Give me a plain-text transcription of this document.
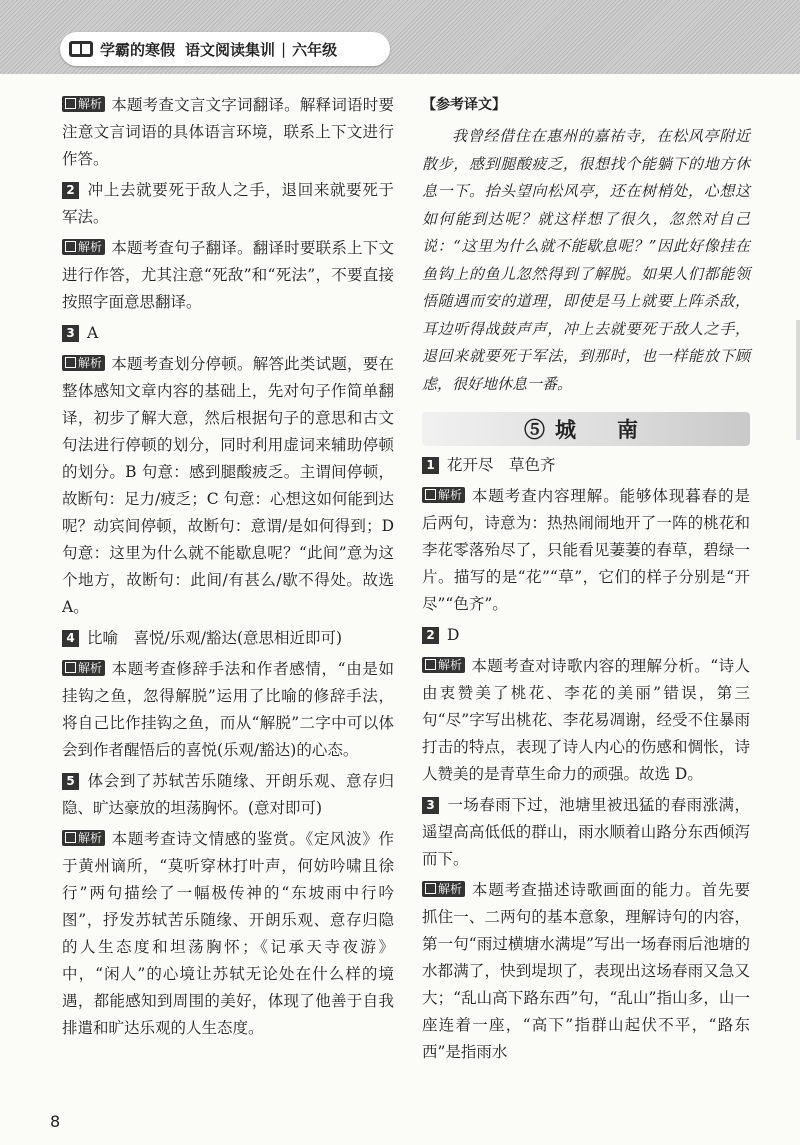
学霸的寒假 语文阅读集训 | 六年级

解析 本题考查文言文字词翻译。解释词语时要注意文言词语的具体语言环境，联系上下文进行作答。

2 冲上去就要死于敌人之手，退回来就要死于军法。

解析 本题考查句子翻译。翻译时要联系上下文进行作答，尤其注意“死敌”和“死法”，不要直接按照字面意思翻译。

3 A

解析 本题考查划分停顿。解答此类试题，要在整体感知文章内容的基础上，先对句子作简单翻译，初步了解大意，然后根据句子的意思和古文句法进行停顿的划分，同时利用虚词来辅助停顿的划分。B 句意：感到腿酸疲乏。主谓间停顿，故断句：足力/疲乏；C 句意：心想这如何能到达呢？动宾间停顿，故断句：意谓/是如何得到；D 句意：这里为什么就不能歇息呢？“此间”意为这个地方，故断句：此间/有甚么/歇不得处。故选 A。

4 比喻　喜悦/乐观/豁达(意思相近即可)

解析 本题考查修辞手法和作者感情，“由是如挂钩之鱼，忽得解脱”运用了比喻的修辞手法，将自己比作挂钩之鱼，而从“解脱”二字中可以体会到作者醒悟后的喜悦(乐观/豁达)的心态。

5 体会到了苏轼苦乐随缘、开朗乐观、意存归隐、旷达豪放的坦荡胸怀。(意对即可)

解析 本题考查诗文情感的鉴赏。《定风波》作于黄州谪所，“莫听穿林打叶声，何妨吟啸且徐行”两句描绘了一幅极传神的“东坡雨中行吟图”，抒发苏轼苦乐随缘、开朗乐观、意存归隐的人生态度和坦荡胸怀；《记承天寺夜游》中，“闲人”的心境让苏轼无论处在什么样的境遇，都能感知到周围的美好，体现了他善于自我排遣和旷达乐观的人生态度。

【参考译文】

我曾经借住在惠州的嘉祐寺，在松风亭附近散步，感到腿酸疲乏，很想找个能躺下的地方休息一下。抬头望向松风亭，还在树梢处，心想这如何能到达呢？就这样想了很久，忽然对自己说：“这里为什么就不能歇息呢？”因此好像挂在鱼钩上的鱼儿忽然得到了解脱。如果人们都能领悟随遇而安的道理，即使是马上就要上阵杀敌，耳边听得战鼓声声，冲上去就要死于敌人之手，退回来就要死于军法，到那时，也一样能放下顾虑，很好地休息一番。

⑤城　南

1 花开尽　草色齐

解析 本题考查内容理解。能够体现暮春的是后两句，诗意为：热热闹闹地开了一阵的桃花和李花零落殆尽了，只能看见萋萋的春草，碧绿一片。描写的是“花”“草”，它们的样子分别是“开尽”“色齐”。

2 D

解析 本题考查对诗歌内容的理解分析。“诗人由衷赞美了桃花、李花的美丽”错误，第三句“尽”字写出桃花、李花易凋谢，经受不住暴雨打击的特点，表现了诗人内心的伤感和惆怅，诗人赞美的是青草生命力的顽强。故选 D。

3 一场春雨下过，池塘里被迅猛的春雨涨满，遥望高高低低的群山，雨水顺着山路分东西倾泻而下。

解析 本题考查描述诗歌画面的能力。首先要抓住一、二两句的基本意象，理解诗句的内容，第一句“雨过横塘水满堤”写出一场春雨后池塘的水都满了，快到堤坝了，表现出这场春雨又急又大；“乱山高下路东西”句，“乱山”指山多，山一座连着一座，“高下”指群山起伏不平，“路东西”是指雨水

8
